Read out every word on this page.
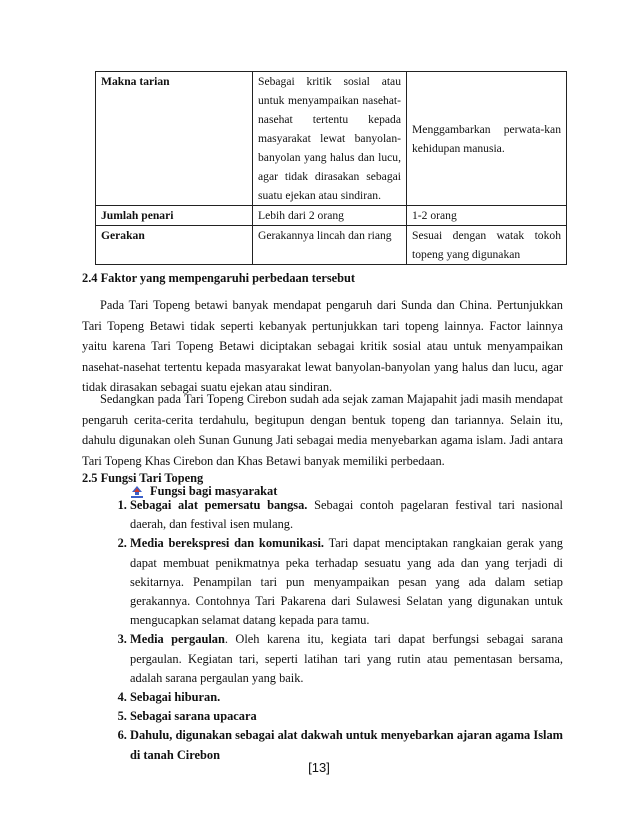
Makna tarian	Sebagai kritik sosial atau untuk menyampaikan nasehat-nasehat tertentu kepada masyarakat lewat banyolan-banyolan yang halus dan lucu, agar tidak dirasakan sebagai suatu ejekan atau sindiran.	Menggambarkan perwata-kan kehidupan manusia.
Jumlah penari	Lebih dari 2 orang	1-2 orang
Gerakan	Gerakannya lincah dan riang	Sesuai dengan watak tokoh topeng yang digunakan
2.4 Faktor yang mempengaruhi perbedaan tersebut

Pada Tari Topeng betawi banyak mendapat pengaruh dari Sunda dan China. Pertunjukkan Tari Topeng Betawi tidak seperti kebanyak pertunjukkan tari topeng lainnya. Factor lainnya yaitu karena Tari Topeng Betawi diciptakan sebagai kritik sosial atau untuk menyampaikan nasehat-nasehat tertentu kepada masyarakat lewat banyolan-banyolan yang halus dan lucu, agar tidak dirasakan sebagai suatu ejekan atau sindiran.

Sedangkan pada Tari Topeng Cirebon sudah ada sejak zaman Majapahit jadi masih mendapat pengaruh cerita-cerita terdahulu, begitupun dengan bentuk topeng dan tariannya. Selain itu, dahulu digunakan oleh Sunan Gunung Jati sebagai media menyebarkan agama islam. Jadi antara Tari Topeng Khas Cirebon dan Khas Betawi banyak memiliki perbedaan.

2.5 Fungsi Tari Topeng
Fungsi bagi masyarakat
1. Sebagai alat pemersatu bangsa. Sebagai contoh pagelaran festival tari nasional daerah, dan festival isen mulang.
2. Media berekspresi dan komunikasi. Tari dapat menciptakan rangkaian gerak yang dapat membuat penikmatnya peka terhadap sesuatu yang ada dan yang terjadi di sekitarnya. Penampilan tari pun menyampaikan pesan yang ada dalam setiap gerakannya. Contohnya Tari Pakarena dari Sulawesi Selatan yang digunakan untuk mengucapkan selamat datang kepada para tamu.
3. Media pergaulan. Oleh karena itu, kegiata tari dapat berfungsi sebagai sarana pergaulan. Kegiatan tari, seperti latihan tari yang rutin atau pementasan bersama, adalah sarana pergaulan yang baik.
4. Sebagai hiburan.
5. Sebagai sarana upacara
6. Dahulu, digunakan sebagai alat dakwah untuk menyebarkan ajaran agama Islam di tanah Cirebon
[13]
